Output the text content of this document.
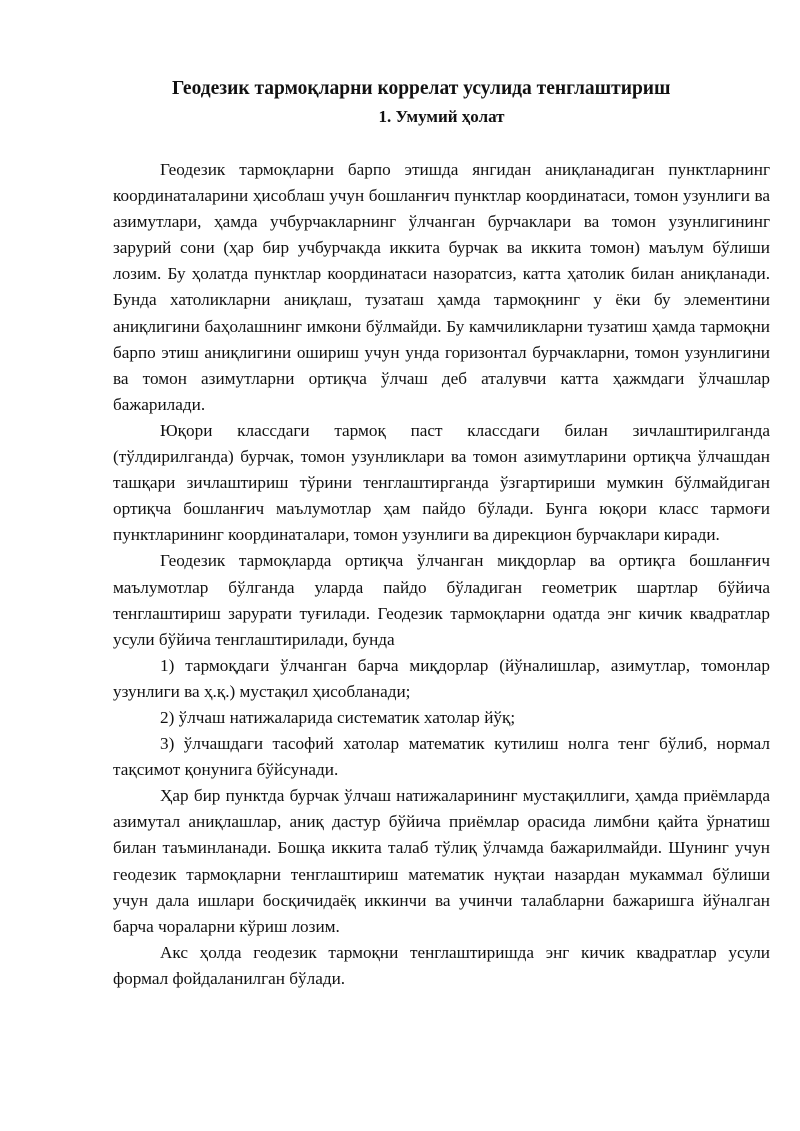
Геодезик тармоқларни коррелат усулида тенглаштириш
1. Умумий ҳолат

Геодезик тармоқларни барпо этишда янгидан аниқланадиган пунктларнинг координаталарини ҳисоблаш учун бошланғич пунктлар координатаси, томон узунлиги ва азимутлари, ҳамда учбурчакларнинг ўлчанган бурчаклари ва томон узунлигининг зарурий сони (ҳар бир учбурчакда иккита бурчак ва иккита томон) маълум бўлиши лозим. Бу ҳолатда пунктлар координатаси назоратсиз, катта ҳатолик билан аниқланади. Бунда хатоликларни аниқлаш, тузаташ ҳамда тармоқнинг у ёки бу элементини аниқлигини баҳолашнинг имкони бўлмайди. Бу камчиликларни тузатиш ҳамда тармоқни барпо этиш аниқлигини ошириш учун унда горизонтал бурчакларни, томон узунлигини ва томон азимутларни ортиқча ўлчаш деб аталувчи катта ҳажмдаги ўлчашлар бажарилади.

Юқори классдаги тармоқ паст классдаги билан зичлаштирилганда (тўлдирилганда) бурчак, томон узунликлари ва томон азимутларини ортиқча ўлчашдан ташқари зичлаштириш тўрини тенглаштирганда ўзгартириши мумкин бўлмайдиган ортиқча бошланғич маълумотлар ҳам пайдо бўлади. Бунга юқори класс тармоғи пунктларининг координаталари, томон узунлиги ва дирекцион бурчаклари киради.

Геодезик тармоқларда ортиқча ўлчанган миқдорлар ва ортиқга бошланғич маълумотлар бўлганда уларда пайдо бўладиган геометрик шартлар бўйича тенглаштириш зарурати туғилади. Геодезик тармоқларни одатда энг кичик квадратлар усули бўйича тенглаштирилади, бунда

1) тармоқдаги ўлчанган барча миқдорлар (йўналишлар, азимутлар, томонлар узунлиги ва ҳ.қ.) мустақил ҳисобланади;

2) ўлчаш натижаларида систематик хатолар йўқ;

3) ўлчашдаги тасофий хатолар математик кутилиш нолга тенг бўлиб, нормал тақсимот қонунига бўйсунади.

Ҳар бир пунктда бурчак ўлчаш натижаларининг мустақиллиги, ҳамда приёмларда азимутал аниқлашлар, аниқ дастур бўйича приёмлар орасида лимбни қайта ўрнатиш билан таъминланади. Бошқа иккита талаб тўлиқ ўлчамда бажарилмайди. Шунинг учун геодезик тармоқларни тенглаштириш математик нуқтаи назардан мукаммал бўлиши учун дала ишлари босқичидаёқ иккинчи ва учинчи талабларни бажаришга йўналган барча чораларни кўриш лозим.

Акс ҳолда геодезик тармоқни тенглаштиришда энг кичик квадратлар усули формал фойдаланилган бўлади.
